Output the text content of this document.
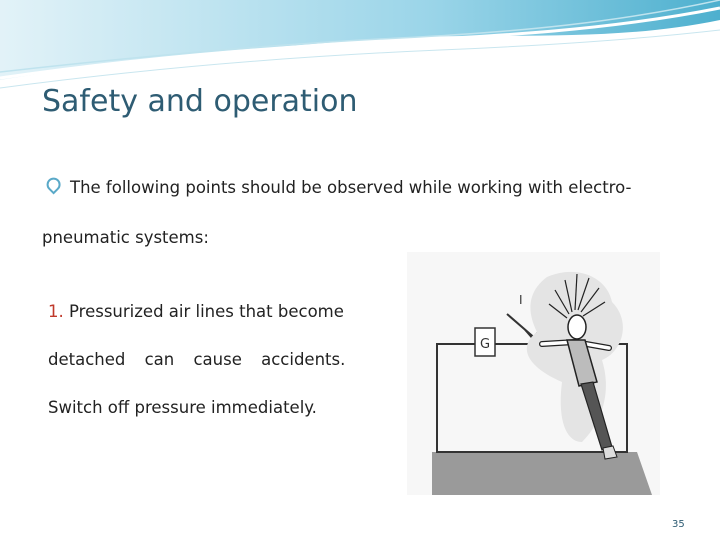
Safety and operation
The following points should be observed while working with electro-
pneumatic systems:
1. Pressurized air lines that become
detached can cause accidents.
Switch off pressure immediately.
G
I
35
